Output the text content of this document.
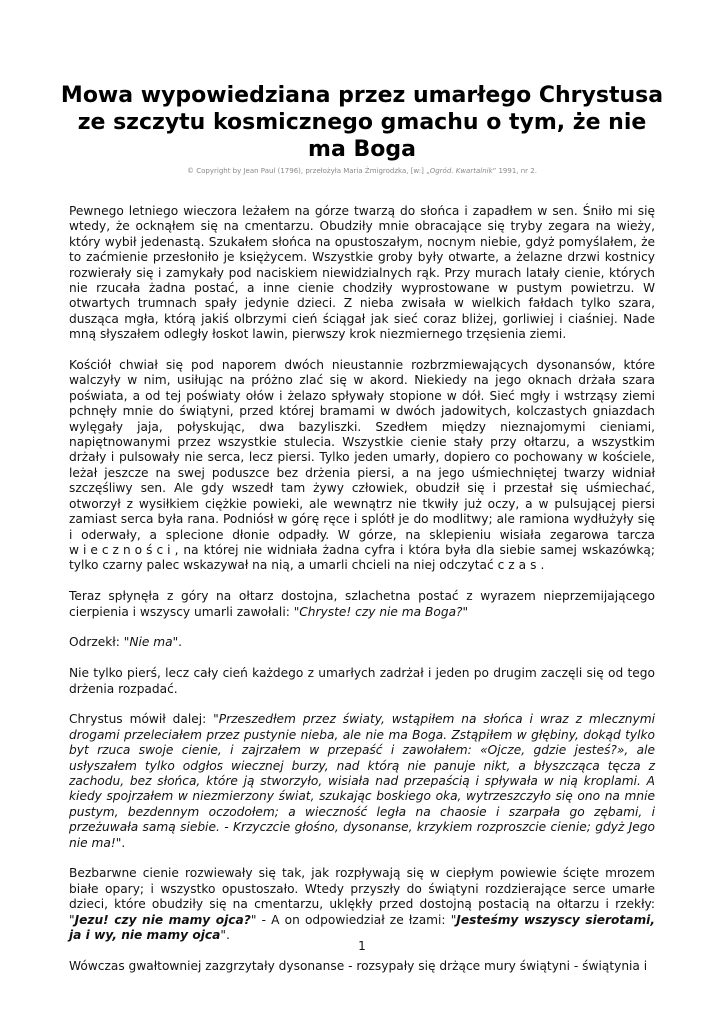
Mowa wypowiedziana przez umarłego Chrystusa ze szczytu kosmicznego gmachu o tym, że nie ma Boga
© Copyright by Jean Paul (1796), przełożyła Maria Żmigrodzka, [w:] „Ogród. Kwartalnik” 1991, nr 2.

Pewnego letniego wieczora leżałem na górze twarzą do słońca i zapadłem w sen. Śniło mi się wtedy, że ocknąłem się na cmentarzu. Obudziły mnie obracające się tryby zegara na wieży, który wybił jedenastą. Szukałem słońca na opustoszałym, nocnym niebie, gdyż pomyślałem, że to zaćmienie przesłoniło je księżycem. Wszystkie groby były otwarte, a żelazne drzwi kostnicy rozwierały się i zamykały pod naciskiem niewidzialnych rąk. Przy murach latały cienie, których nie rzucała żadna postać, a inne cienie chodziły wyprostowane w pustym powietrzu. W otwartych trumnach spały jedynie dzieci. Z nieba zwisała w wielkich fałdach tylko szara, dusząca mgła, którą jakiś olbrzymi cień ściągał jak sieć coraz bliżej, gorliwiej i ciaśniej. Nade mną słyszałem odległy łoskot lawin, pierwszy krok niezmiernego trzęsienia ziemi.

Kościół chwiał się pod naporem dwóch nieustannie rozbrzmiewających dysonansów, które walczyły w nim, usiłując na próżno zlać się w akord. Niekiedy na jego oknach drżała szara poświata, a od tej poświaty ołów i żelazo spływały stopione w dół. Sieć mgły i wstrząsy ziemi pchnęły mnie do świątyni, przed której bramami w dwóch jadowitych, kolczastych gniazdach wylęgały jaja, połyskując, dwa bazyliszki. Szedłem między nieznajomymi cieniami, napiętnowanymi przez wszystkie stulecia. Wszystkie cienie stały przy ołtarzu, a wszystkim drżały i pulsowały nie serca, lecz piersi. Tylko jeden umarły, dopiero co pochowany w kościele, leżał jeszcze na swej poduszce bez drżenia piersi, a na jego uśmiechniętej twarzy widniał szczęśliwy sen. Ale gdy wszedł tam żywy człowiek, obudził się i przestał się uśmiechać, otworzył z wysiłkiem ciężkie powieki, ale wewnątrz nie tkwiły już oczy, a w pulsującej piersi zamiast serca była rana. Podniósł w górę ręce i splótł je do modlitwy; ale ramiona wydłużyły się i oderwały, a splecione dłonie odpadły. W górze, na sklepieniu wisiała zegarowa tarcza wieczności, na której nie widniała żadna cyfra i która była dla siebie samej wskazówką; tylko czarny palec wskazywał na nią, a umarli chcieli na niej odczytać czas.

Teraz spłynęła z góry na ołtarz dostojna, szlachetna postać z wyrazem nieprzemijającego cierpienia i wszyscy umarli zawołali: "Chryste! czy nie ma Boga?"

Odrzekł: "Nie ma".

Nie tylko pierś, lecz cały cień każdego z umarłych zadrżał i jeden po drugim zaczęli się od tego drżenia rozpadać.

Chrystus mówił dalej: "Przeszedłem przez światy, wstąpiłem na słońca i wraz z mlecznymi drogami przeleciałem przez pustynie nieba, ale nie ma Boga. Zstąpiłem w głębiny, dokąd tylko byt rzuca swoje cienie, i zajrzałem w przepaść i zawołałem: «Ojcze, gdzie jesteś?», ale usłyszałem tylko odgłos wiecznej burzy, nad którą nie panuje nikt, a błyszcząca tęcza z zachodu, bez słońca, które ją stworzyło, wisiała nad przepaścią i spływała w nią kroplami. A kiedy spojrzałem w niezmierzony świat, szukając boskiego oka, wytrzeszczyło się ono na mnie pustym, bezdennym oczodołem; a wieczność legła na chaosie i szarpała go zębami, i przeżuwała samą siebie. - Krzyczcie głośno, dysonanse, krzykiem rozproszcie cienie; gdyż Jego nie ma!".

Bezbarwne cienie rozwiewały się tak, jak rozpływają się w ciepłym powiewie ścięte mrozem białe opary; i wszystko opustoszało. Wtedy przyszły do świątyni rozdzierające serce umarłe dzieci, które obudziły się na cmentarzu, uklękły przed dostojną postacią na ołtarzu i rzekły: "Jezu! czy nie mamy ojca?" - A on odpowiedział ze łzami: "Jesteśmy wszyscy sierotami, ja i wy, nie mamy ojca".

Wówczas gwałtowniej zazgrzytały dysonanse - rozsypały się drżące mury świątyni - świątynia i

1
